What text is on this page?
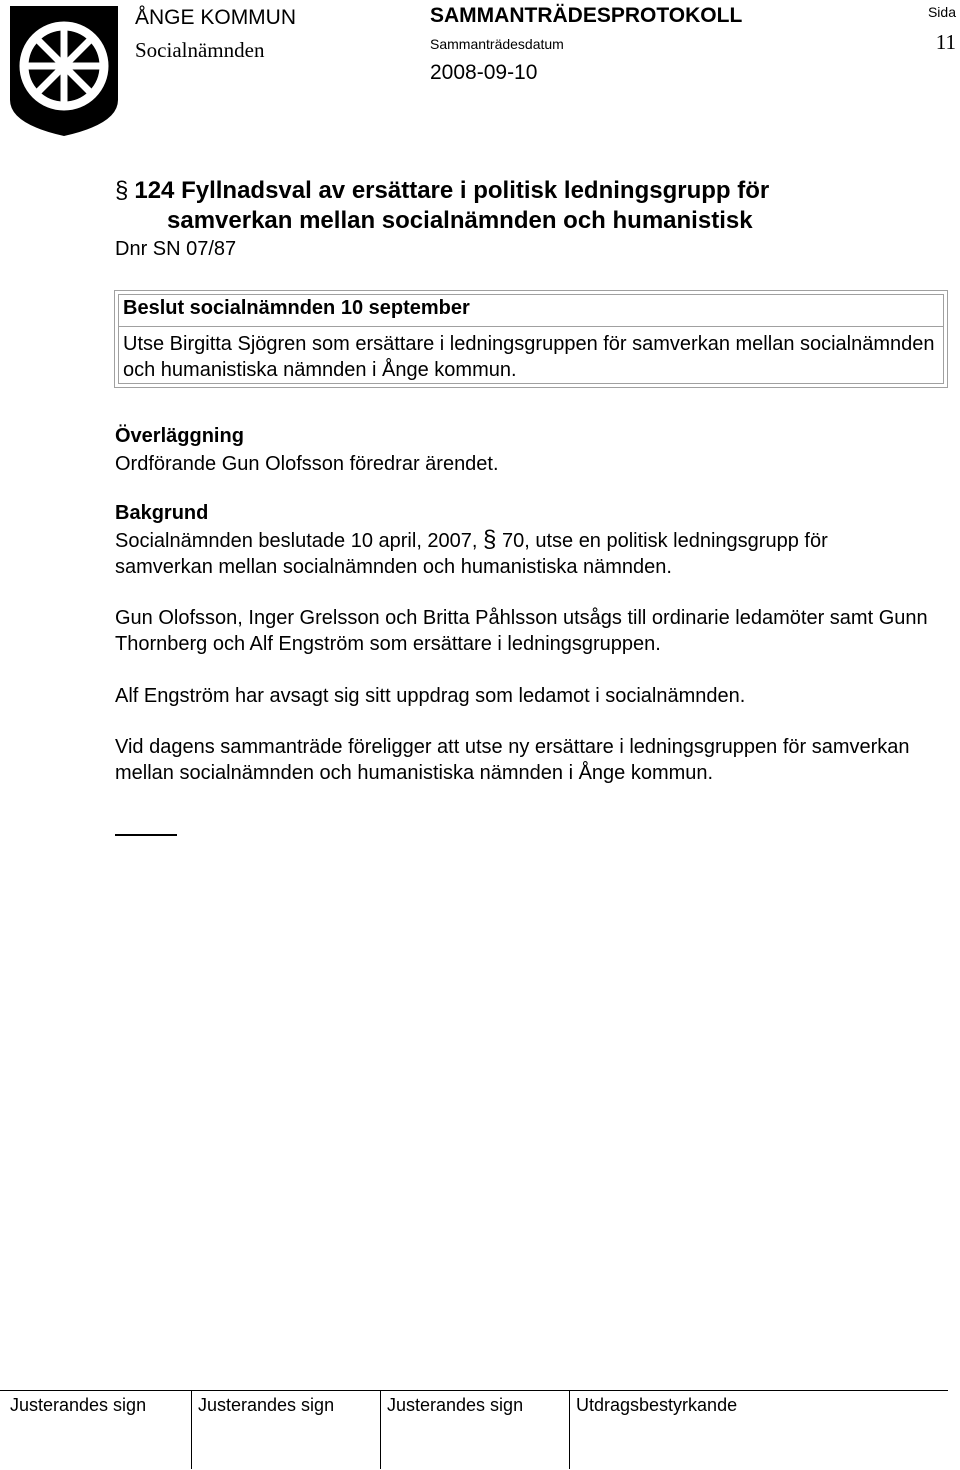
ÅNGE KOMMUN
Socialnämnden
SAMMANTRÄDESPROTOKOLL
Sammanträdesdatum
2008-09-10
Sida
11
§ 124 Fyllnadsval av ersättare i politisk ledningsgrupp för
samverkan mellan socialnämnden och humanistisk
Dnr SN 07/87
Beslut socialnämnden 10 september
Utse Birgitta Sjögren som ersättare i ledningsgruppen för samverkan mellan socialnämnden och humanistiska nämnden i Ånge kommun.
Överläggning
Ordförande Gun Olofsson föredrar ärendet.
Bakgrund
Socialnämnden beslutade 10 april, 2007, § 70, utse en politisk ledningsgrupp för
samverkan mellan socialnämnden och humanistiska nämnden.
Gun Olofsson, Inger Grelsson och Britta Påhlsson utsågs till ordinarie ledamöter samt Gunn Thornberg och Alf Engström som ersättare i ledningsgruppen.
Alf Engström har avsagt sig sitt uppdrag som ledamot i socialnämnden.
Vid dagens sammanträde föreligger att utse ny ersättare i ledningsgruppen för samverkan mellan socialnämnden och humanistiska nämnden i Ånge kommun.
Justerandes sign	Justerandes sign	Justerandes sign	Utdragsbestyrkande
